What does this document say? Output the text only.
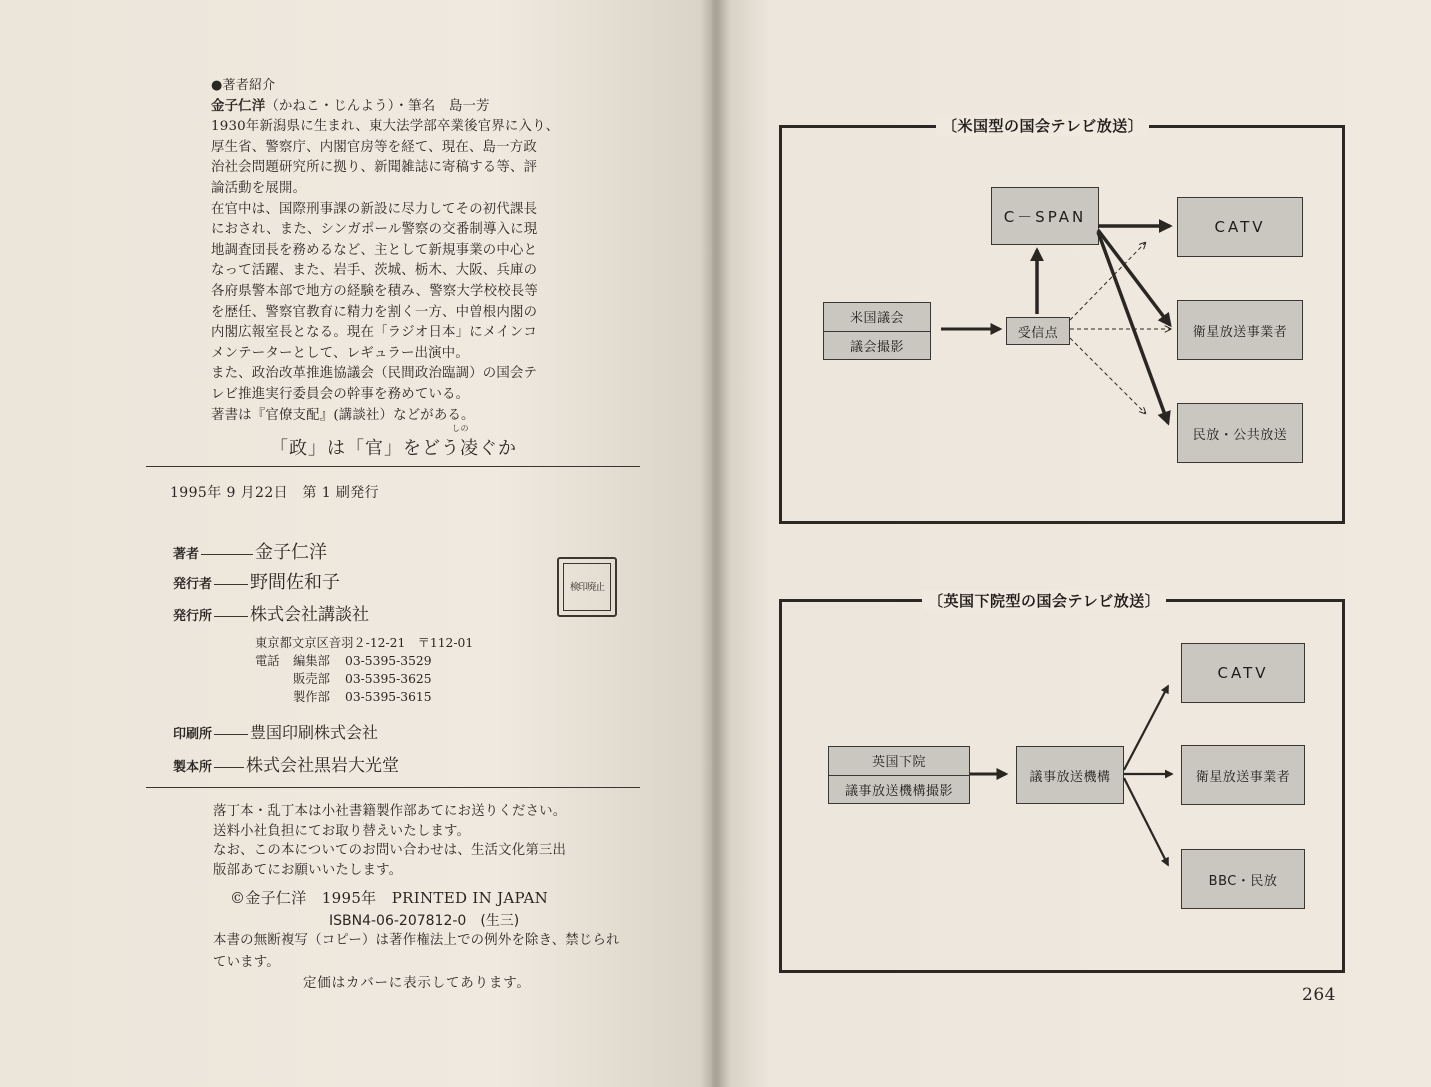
●著者紹介

金子仁洋（かねこ・じんよう）・筆名　島一芳

1930年新潟県に生まれ、東大法学部卒業後官界に入り、

厚生省、警察庁、内閣官房等を経て、現在、島一方政

治社会問題研究所に拠り、新聞雑誌に寄稿する等、評

論活動を展開。

在官中は、国際刑事課の新設に尽力してその初代課長

におされ、また、シンガポール警察の交番制導入に現

地調査団長を務めるなど、主として新規事業の中心と

なって活躍、また、岩手、茨城、栃木、大阪、兵庫の

各府県警本部で地方の経験を積み、警察大学校校長等

を歴任、警察官教育に精力を割く一方、中曽根内閣の

内閣広報室長となる。現在「ラジオ日本」にメインコ

メンテーターとして、レギュラー出演中。

また、政治改革推進協議会（民間政治臨調）の国会テ

レビ推進実行委員会の幹事を務めている。

著書は『官僚支配』(講談社）などがある。

しの
「政」は「官」をどう凌ぐか
1995年 9 月22日　第 1 刷発行
著者	金子仁洋
発行者 野間佐和子
発行所 株式会社講談社
検印廃止
東京都文京区音羽２-12-21　〒112-01
電話 編集部 03-5395-3529
販売部 03-5395-3625
製作部 03-5395-3615
印刷所 豊国印刷株式会社
製本所 株式会社黒岩大光堂

落丁本・乱丁本は小社書籍製作部あてにお送りください。

送料小社負担にてお取り替えいたします。

なお、この本についてのお問い合わせは、生活文化第三出

版部あてにお願いいたします。

©金子仁洋　1995年　PRINTED IN JAPAN
ISBN4-06-207812-0　(生三)

本書の無断複写（コピー）は著作権法上での例外を除き、禁じられ

ています。

定価はカバーに表示してあります。
〔米国型の国会テレビ放送〕
米国議会
議会撮影
受信点
C－SPAN
CATV
衛星放送事業者
民放・公共放送
〔英国下院型の国会テレビ放送〕
英国下院
議事放送機構撮影
議事放送機構
CATV
衛星放送事業者
BBC・民放
264
